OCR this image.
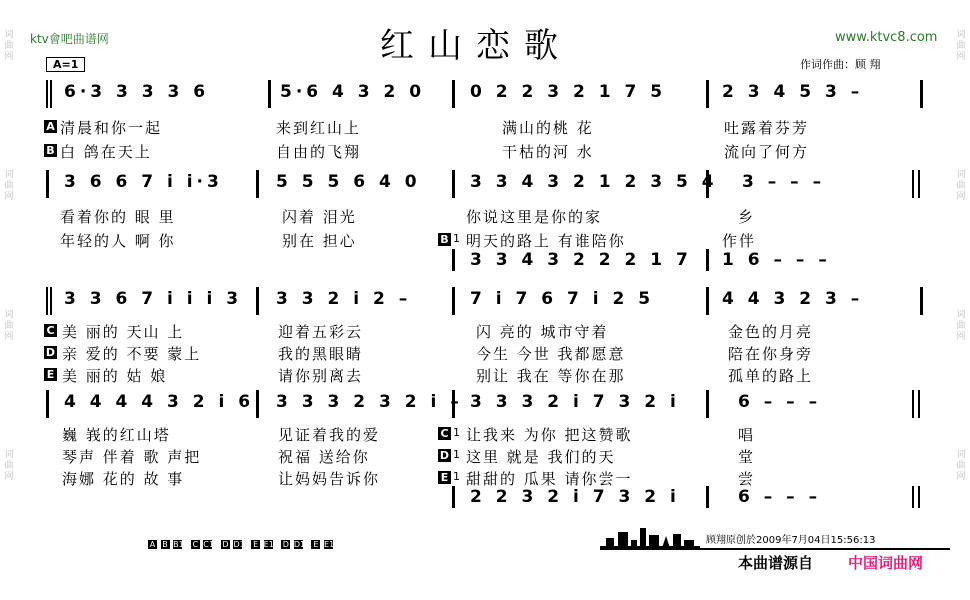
词曲网
词曲网
词曲网
词曲网
词曲网
词曲网
词曲网
词曲网
ktv會吧曲谱网	红山恋歌	www.ktvc8.com
A=1	作词作曲：顾 翔
6·3 3 3 3 6	5·6 4 3 2 0	0 2 2 3 2 1 7 5	2 3 4 5 3 –
A 清晨和你一起	来到红山上	满山的桃 花	吐露着芬芳
B 白 鸽在天上	自由的飞翔	干枯的河 水	流向了何方
3 6 6 7 i i·3	5 5 5 6 4 0	3 3 4 3 2 1 2 3 5 4 3 – – –
看着你的 眼 里	闪着 泪光	你说这里是你的家	乡
年轻的人 啊 你	别在 担心	B 1 明天的路上 有谁陪你	作伴
3 3 4 3 2 2 2 1 7 1 6 – – –
3 3 6 7 i i i 3 3 3 2 i 2 –	7 i 7 6 7 i 2 5	4 4 3 2 3 –
C 美 丽的 天山 上	迎着五彩云	闪 亮的 城市守着	金色的月亮
D 亲 爱的 不要 蒙上	我的黑眼睛	今生 今世 我都愿意	陪在你身旁
E 美 丽的 姑 娘	请你别离去	别让 我在 等你在那	孤单的路上
4 4 4 4 3 2 i 6 3 3 3 2 3 2 i – 3 3 3 2 i 7 3 2 i	6 – – –
巍 峩的红山塔	见证着我的爱	C 1 让我来 为你 把这赞歌	唱
琴声 伴着 歌 声把	祝福 送给你	D 1 这里 就是 我们的天	堂
海娜 花的 故 事	让妈妈告诉你	E 1 甜甜的 瓜果 请你尝一	尝
2 2 3 2 i 7 3 2 i	6 – – –
A B B1 C C1 D D1 E E1 D D1 E E1	顾翔原创於2009年7月04日15:56:13
本曲谱源自 中国词曲网
